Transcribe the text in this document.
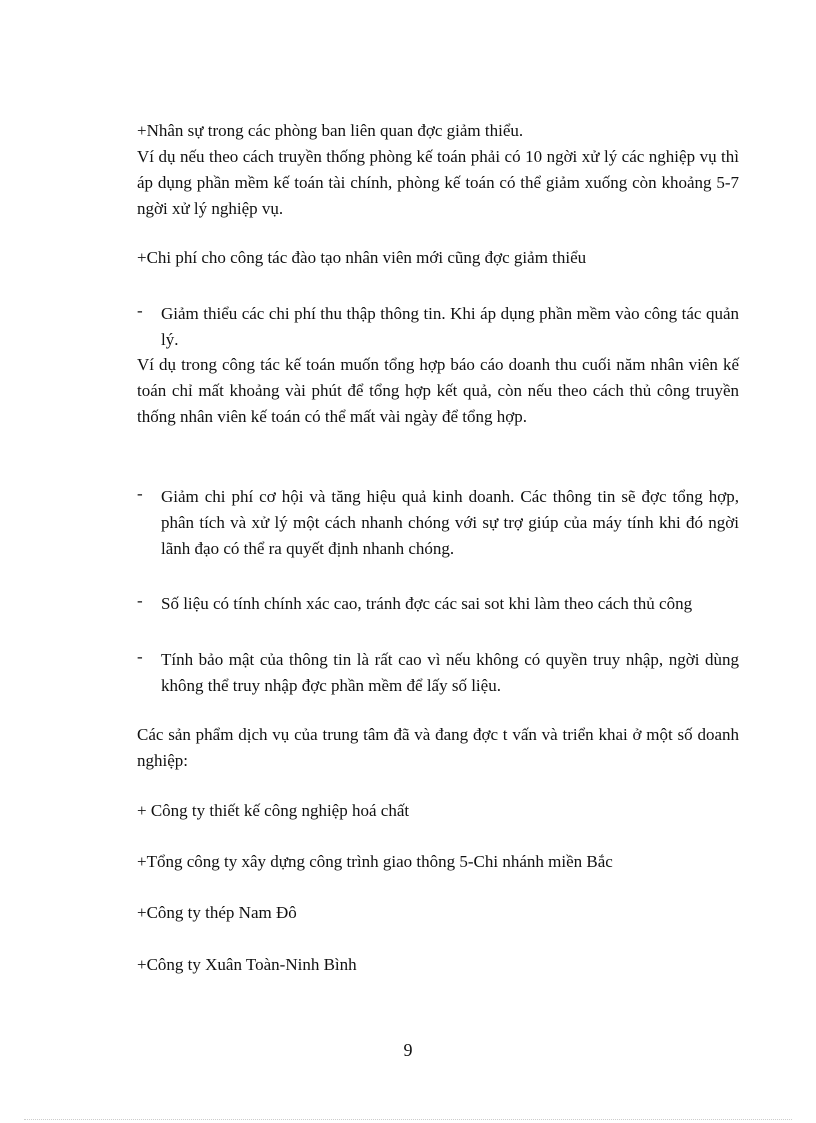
+Nhân sự trong các phòng ban liên quan đợc giảm thiểu.

Ví dụ nếu theo cách truyền thống phòng kế toán phải có 10 ngời xử lý các nghiệp vụ thì áp dụng phần mềm kế toán tài chính, phòng kế toán có thể giảm xuống còn khoảng 5-7 ngời xử lý nghiệp vụ.

+Chi phí cho công tác đào tạo nhân viên mới cũng đợc giảm thiểu

-	Giảm thiểu các chi phí thu thập thông tin. Khi áp dụng phần mềm vào công tác quản lý.

Ví dụ trong công tác kế toán muốn tổng hợp báo cáo doanh thu cuối năm nhân viên kế toán chỉ mất khoảng vài phút để tổng hợp kết quả, còn nếu theo cách thủ công truyền thống nhân viên kế toán có thể mất vài ngày để tổng hợp.

-	Giảm chi phí cơ hội và tăng hiệu quả kinh doanh. Các thông tin sẽ đợc tổng hợp, phân tích và xử lý một cách nhanh chóng với sự trợ giúp của máy tính khi đó ngời lãnh đạo có thể ra quyết định nhanh chóng.
-	Số liệu có tính chính xác cao, tránh đợc các sai sot khi làm theo cách thủ công
-	Tính bảo mật của thông tin là rất cao vì nếu không có quyền truy nhập, ngời dùng không thể truy nhập đợc phần mềm để lấy số liệu.

Các sản phẩm dịch vụ của trung tâm đã và đang đợc t vấn và triển khai ở một số doanh nghiệp:

+ Công ty thiết kế công nghiệp hoá chất

+Tổng công ty xây dựng công trình giao thông 5-Chi nhánh miền Bắc

+Công ty thép Nam Đô

+Công ty Xuân Toàn-Ninh Bình

9
